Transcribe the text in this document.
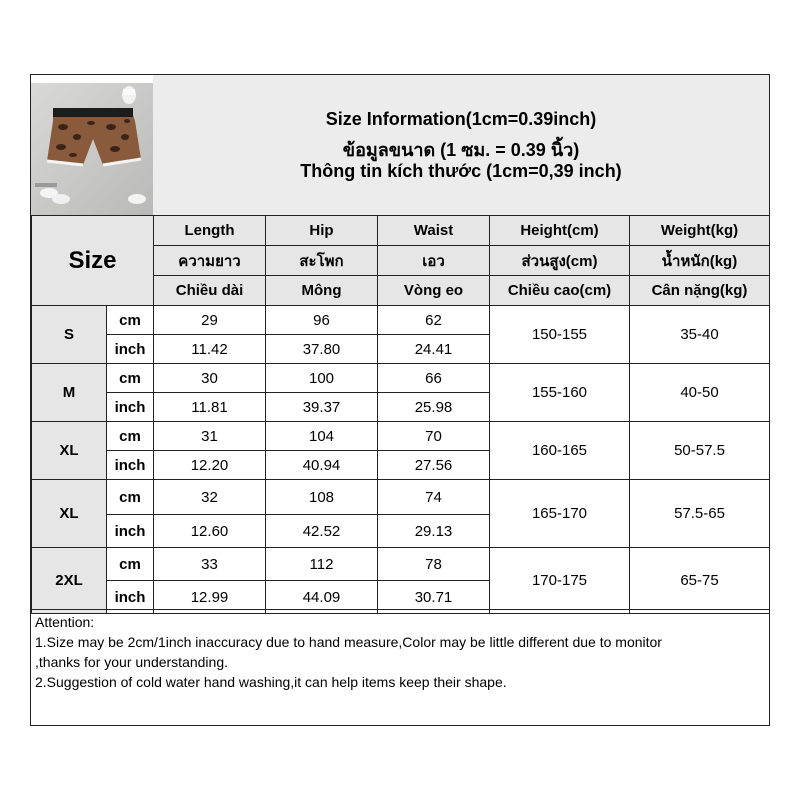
Size Information(1cm=0.39inch)
ข้อมูลขนาด (1 ซม. = 0.39 นิ้ว)
Thông tin kích thước (1cm=0,39 inch)
Size		Length	Hip	Waist	Height(cm)	Weight(kg)
		ความยาว	สะโพก	เอว	ส่วนสูง(cm)	น้ำหนัก(kg)
		Chiều dài	Mông	Vòng eo	Chiều cao(cm)	Cân nặng(kg)
S	cm	29	96	62	150-155	35-40
	inch	11.42	37.80	24.41		
M	cm	30	100	66	155-160	40-50
	inch	11.81	39.37	25.98		
XL	cm	31	104	70	160-165	50-57.5
	inch	12.20	40.94	27.56		
XL	cm	32	108	74	165-170	57.5-65
	inch	12.60	42.52	29.13		
2XL	cm	33	112	78	170-175	65-75
	inch	12.99	44.09	30.71		
Attention:
1.Size may be 2cm/1inch inaccuracy due to hand measure,Color may be little different due to monitor
,thanks for your understanding.
2.Suggestion of cold water hand washing,it can help items keep their shape.
